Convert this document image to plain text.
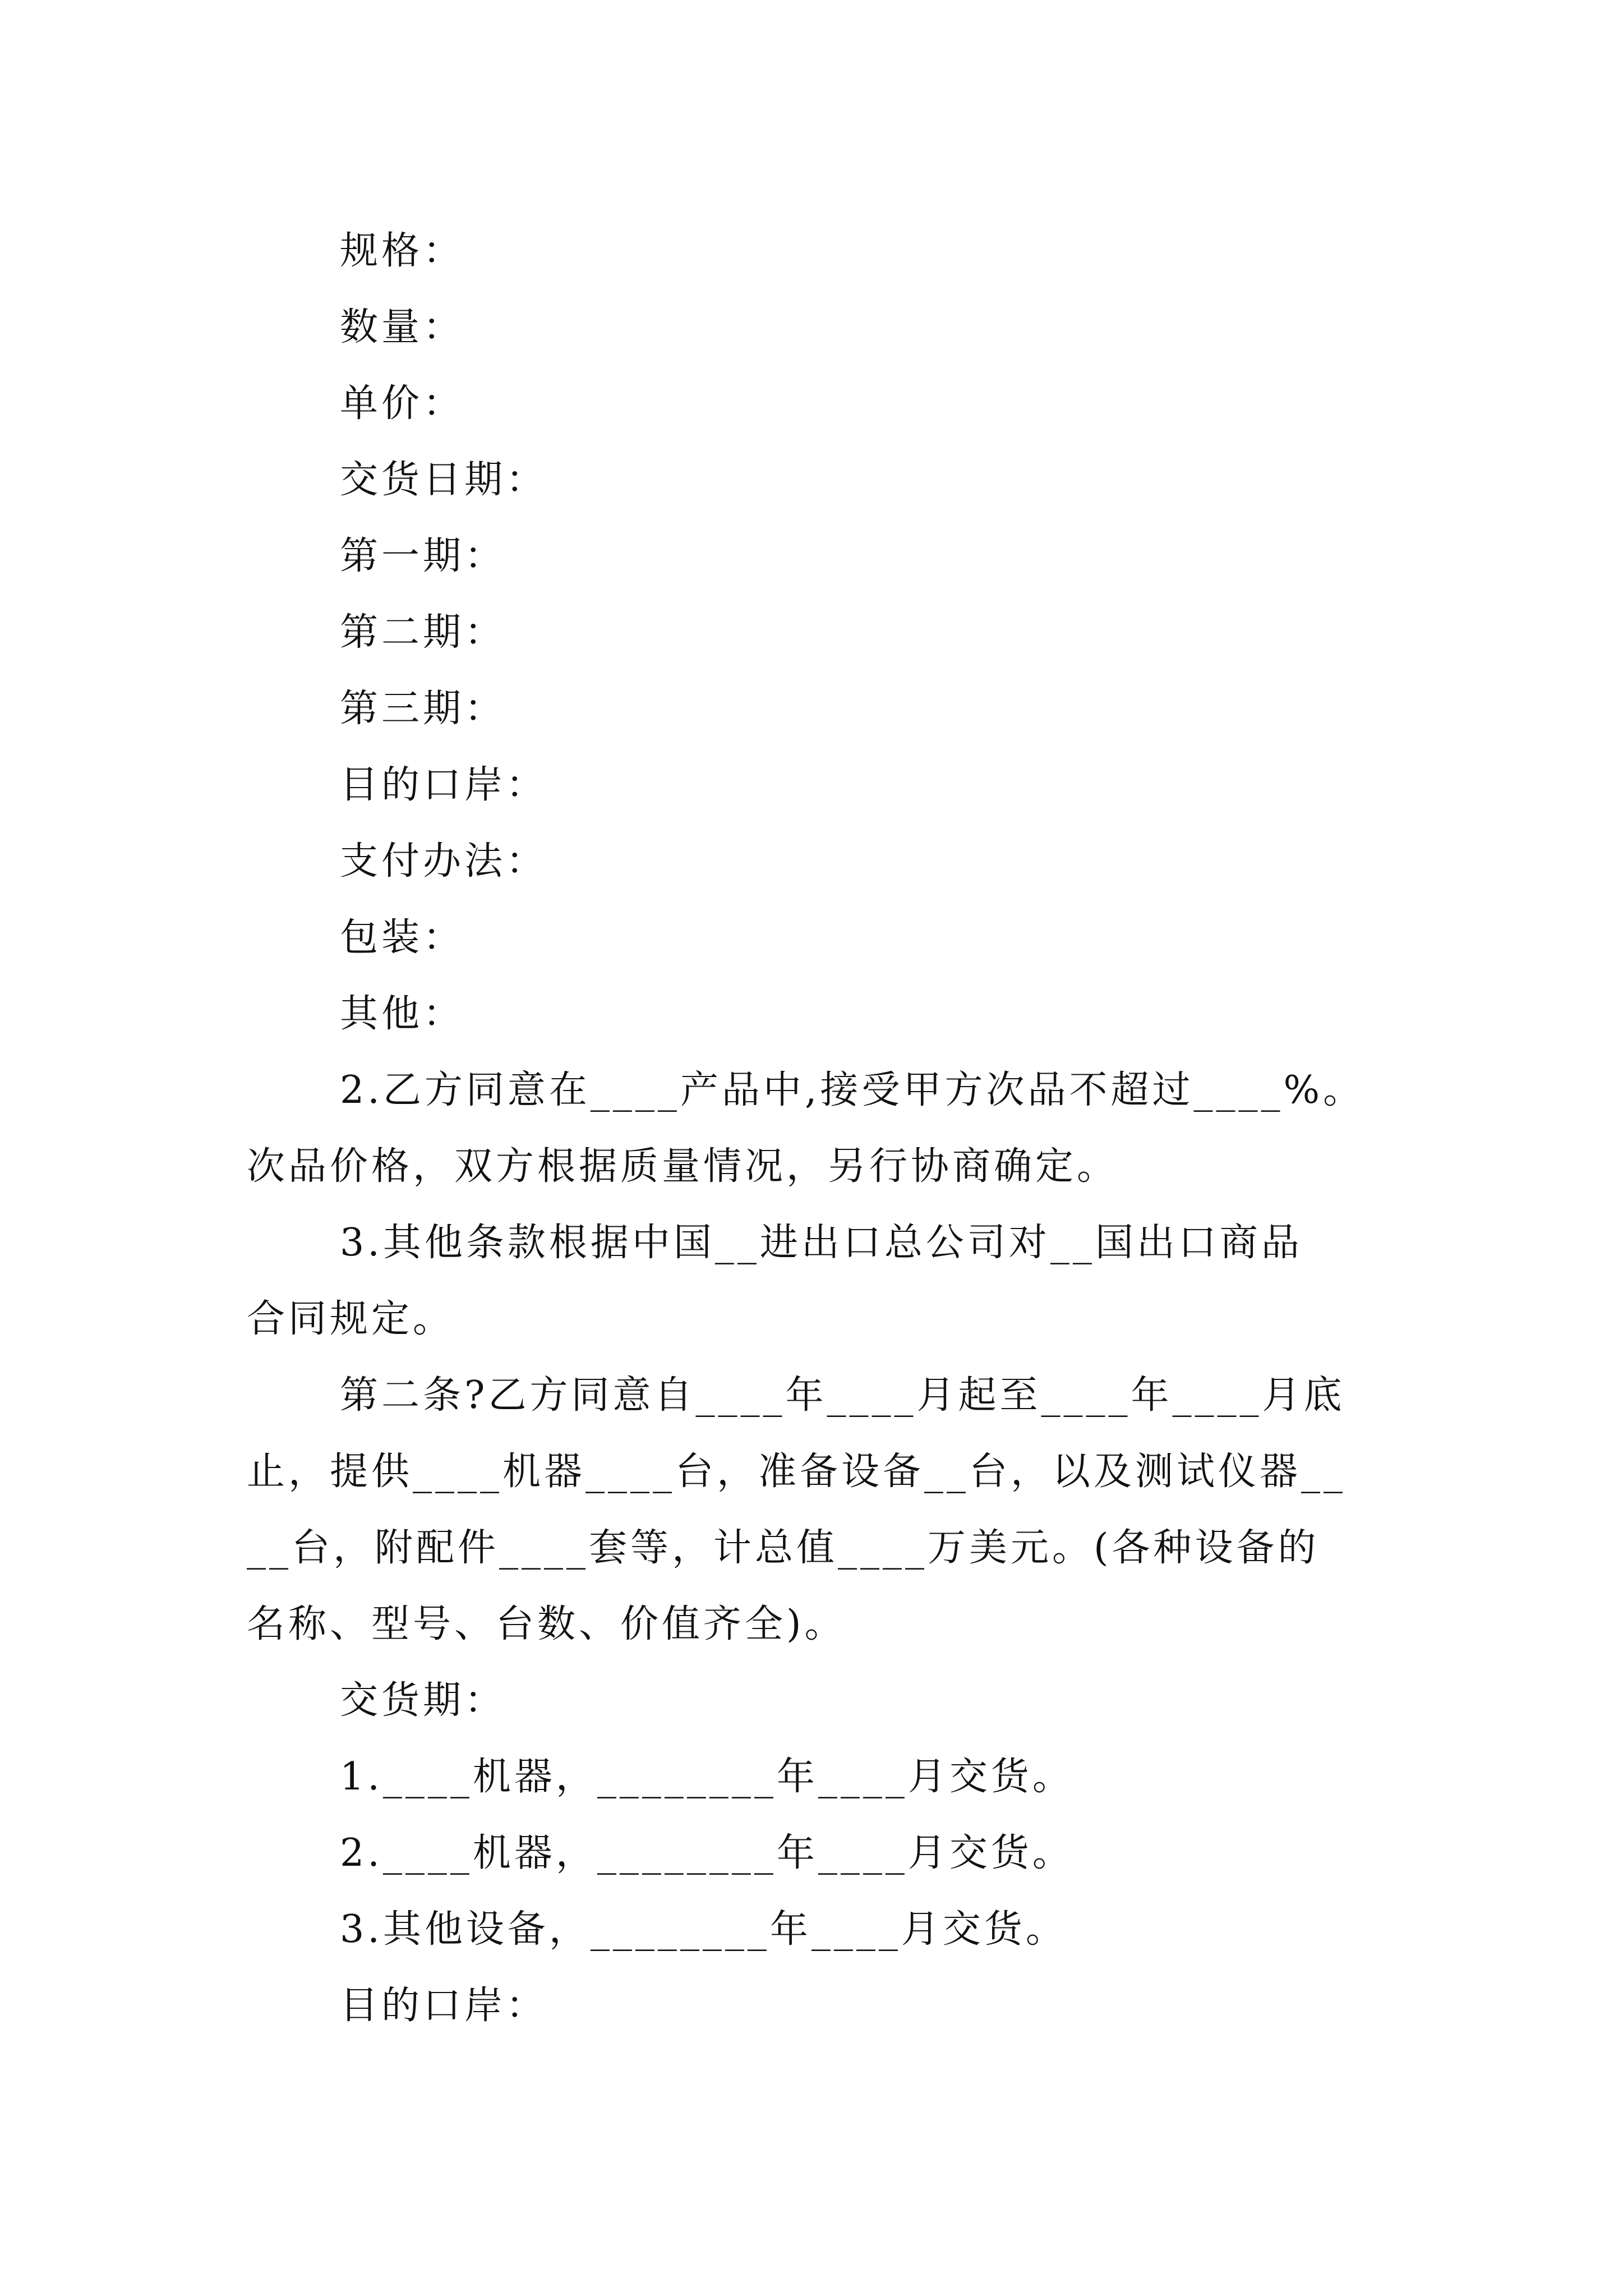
规格：
数量：
单价：
交货日期：
第一期：
第二期：
第三期：
目的口岸：
支付办法：
包装：
其他：
2.乙方同意在____产品中,接受甲方次品不超过____%。
次品价格，双方根据质量情况，另行协商确定。
3.其他条款根据中国__进出口总公司对__国出口商品
合同规定。
第二条?乙方同意自____年____月起至____年____月底
止，提供____机器____台，准备设备__台，以及测试仪器__
__台，附配件____套等，计总值____万美元。(各种设备的
名称、型号、台数、价值齐全)。
交货期：
1.____机器，________年____月交货。
2.____机器，________年____月交货。
3.其他设备，________年____月交货。
目的口岸：
